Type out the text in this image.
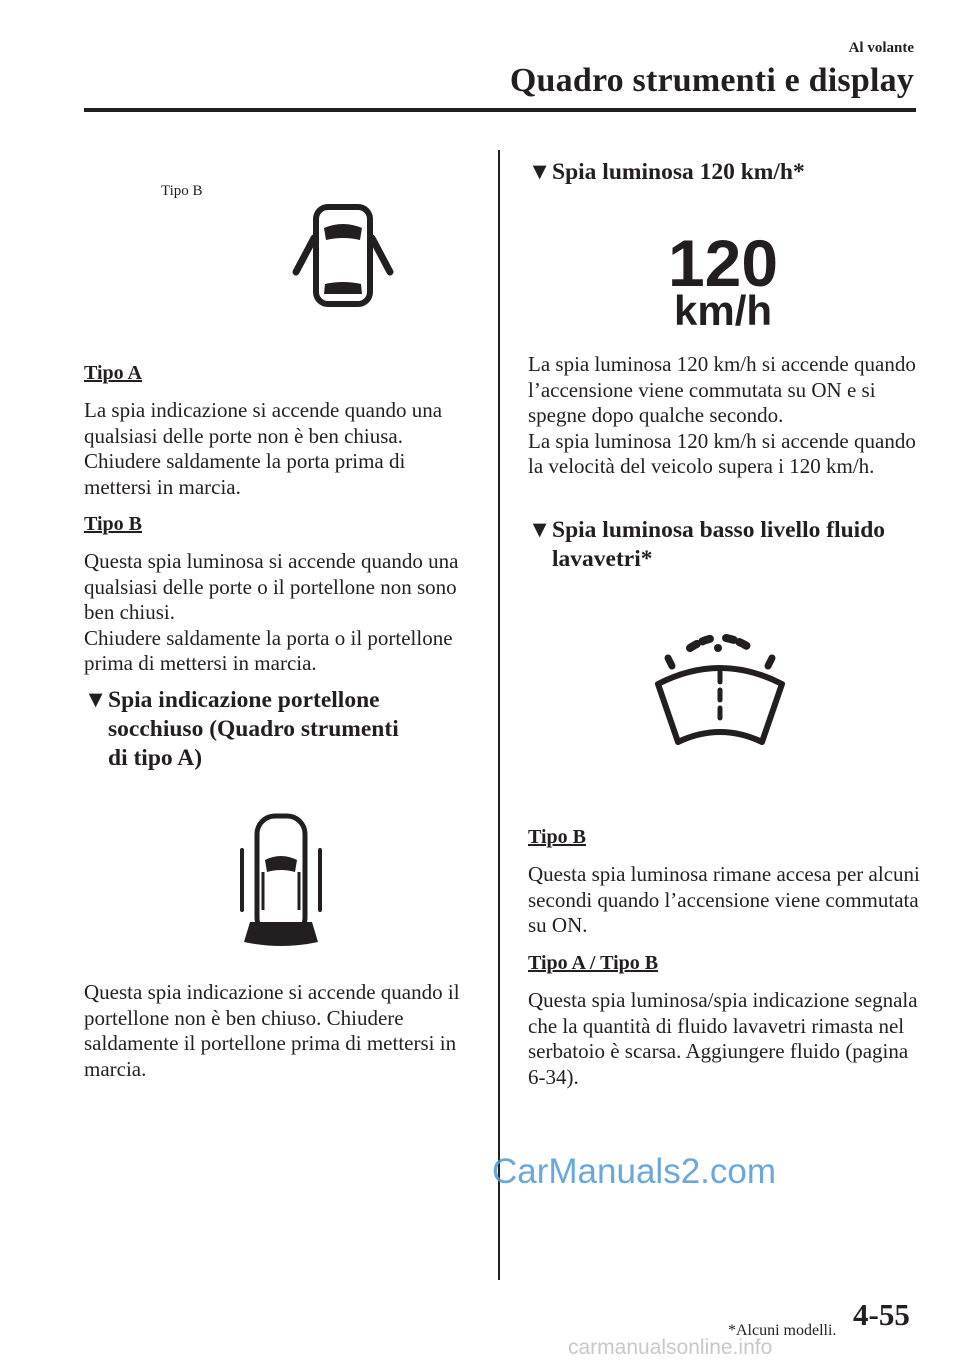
Al volante
Quadro strumenti e display
Tipo B
Tipo A

La spia indicazione si accende quando una qualsiasi delle porte non è ben chiusa. Chiudere saldamente la porta prima di mettersi in marcia.

Tipo B

Questa spia luminosa si accende quando una qualsiasi delle porte o il portellone non sono ben chiusi.

Chiudere saldamente la porta o il portellone prima di mettersi in marcia.

▼Spia indicazione portellone
socchiuso (Quadro strumenti
di tipo A)

Questa spia indicazione si accende quando il portellone non è ben chiuso. Chiudere saldamente il portellone prima di mettersi in marcia.

▼Spia luminosa 120 km/h*
120
km/h

La spia luminosa 120 km/h si accende quando l’accensione viene commutata su ON e si spegne dopo qualche secondo.

La spia luminosa 120 km/h si accende quando la velocità del veicolo supera i 120 km/h.

▼Spia luminosa basso livello fluido
lavavetri*
Tipo B

Questa spia luminosa rimane accesa per alcuni secondi quando l’accensione viene commutata su ON.

Tipo A / Tipo B

Questa spia luminosa/spia indicazione segnala che la quantità di fluido lavavetri rimasta nel serbatoio è scarsa. Aggiungere fluido (pagina 6-34).

CarManuals2.com
*Alcuni modelli. 4-55
carmanualsonline.info
